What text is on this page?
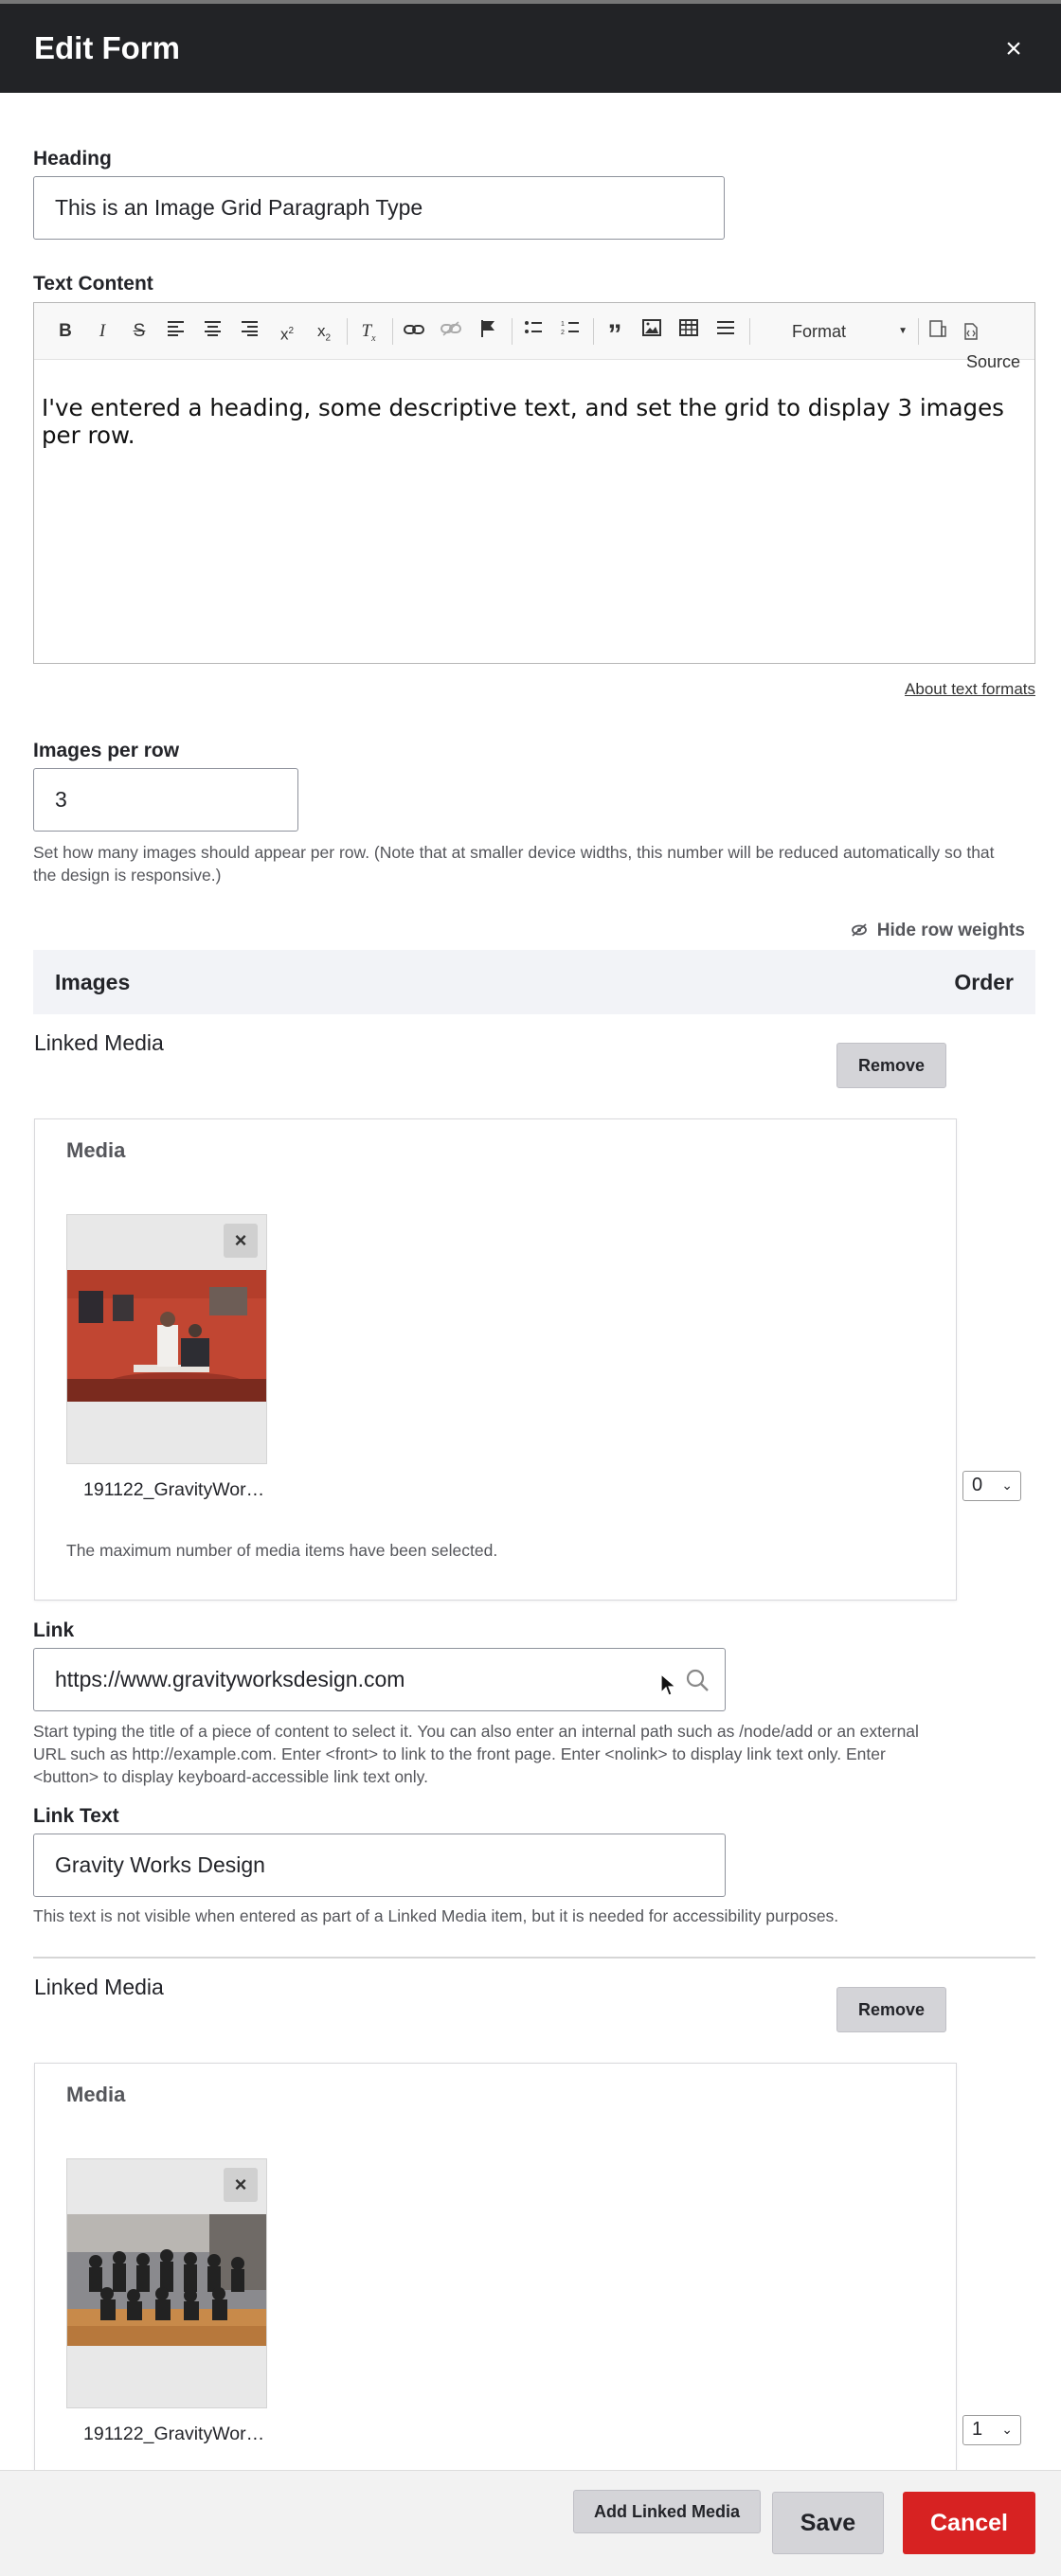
Edit Form	×
Heading
This is an Image Grid Paragraph Type
Text Content
B	I	S	$x^2$	$x_2$	$T_x$
1
2 ”	Format	▼
Source
I've entered a heading, some descriptive text, and set the grid to display 3 images per row.
About text formats
Images per row
3
Set how many images should appear per row. (Note that at smaller device widths, this number will be reduced automatically so that
the design is responsive.)
Hide row weights
Images	Order
Linked Media
Remove
Media
×
191122_GravityWor…
The maximum number of media items have been selected.
0 ⌄
Link
https://www.gravityworksdesign.com
Start typing the title of a piece of content to select it. You can also enter an internal path such as /node/add or an external
URL such as http://example.com. Enter <front> to link to the front page. Enter <nolink> to display link text only. Enter
<button> to display keyboard-accessible link text only.
Link Text
Gravity Works Design
This text is not visible when entered as part of a Linked Media item, but it is needed for accessibility purposes.
Linked Media
Remove
Media
×
191122_GravityWor…	1 ⌄
Add Linked Media	Save	Cancel
